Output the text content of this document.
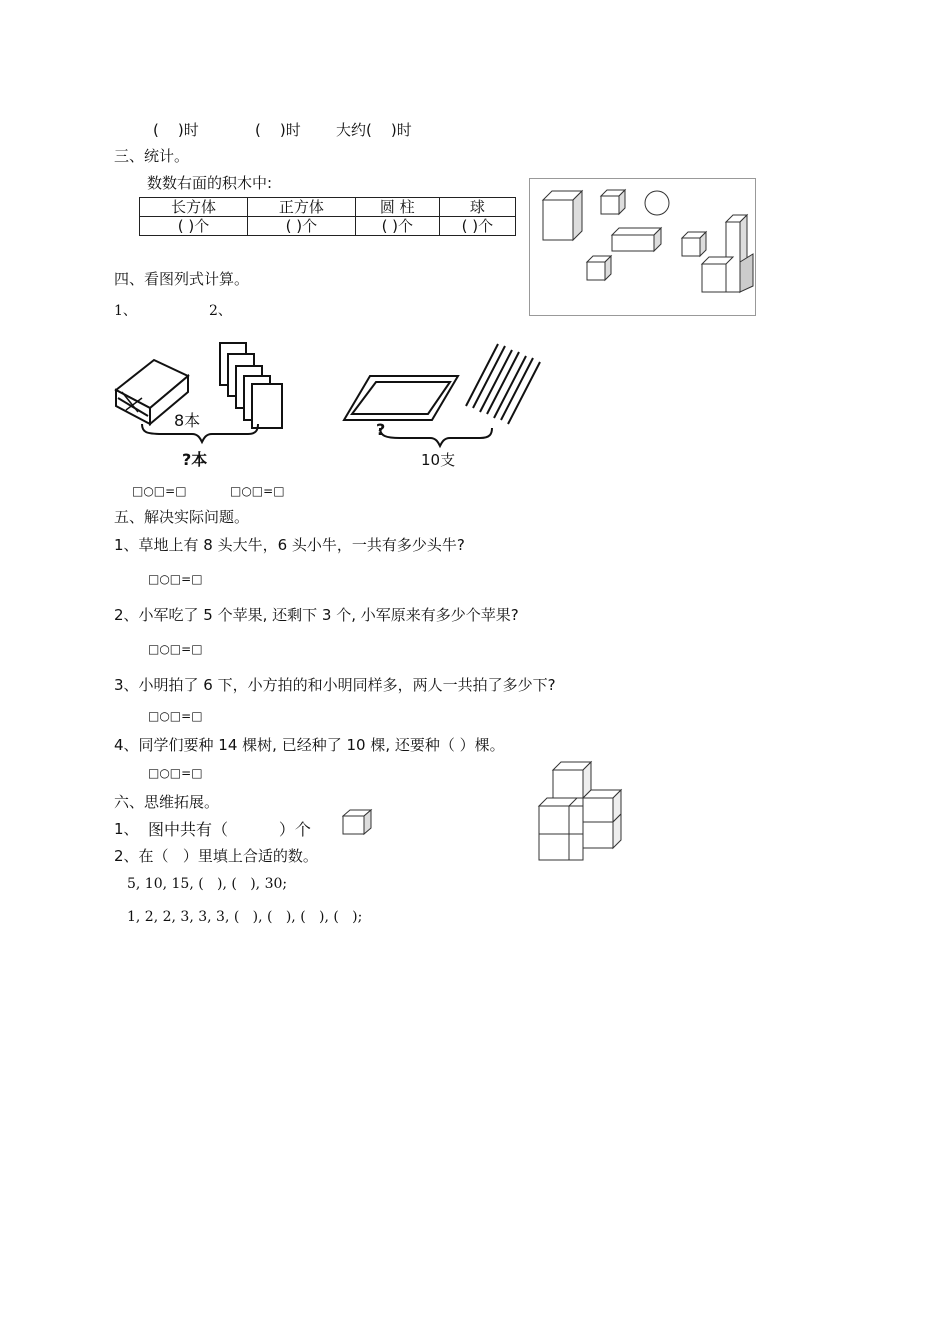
(    )时	(    )时 大约(    )时
三、统计。
数数右面的积木中:
长方体	正方体	圆 柱	球
( )个	( )个	( )个	( )个
四、看图列式计算。
1、	2、
8本
?本
?
10支
□○□=□	□○□=□
五、解决实际问题。
1、草地上有 8 头大牛，6 头小牛，一共有多少头牛?
□○□=□
2、小军吃了 5 个苹果, 还剩下 3 个, 小军原来有多少个苹果?
□○□=□
3、小明拍了 6 下，小方拍的和小明同样多，两人一共拍了多少下?
□○□=□
4、同学们要种 14 棵树, 已经种了 10 棵, 还要种（ ）棵。
□○□=□
六、思维拓展。
1、 图中共有（          ）个
2、在（   ）里填上合适的数。
5, 10, 15, (   ), (   ), 30;
1, 2, 2, 3, 3, 3, (   ), (   ), (   ), (   );
